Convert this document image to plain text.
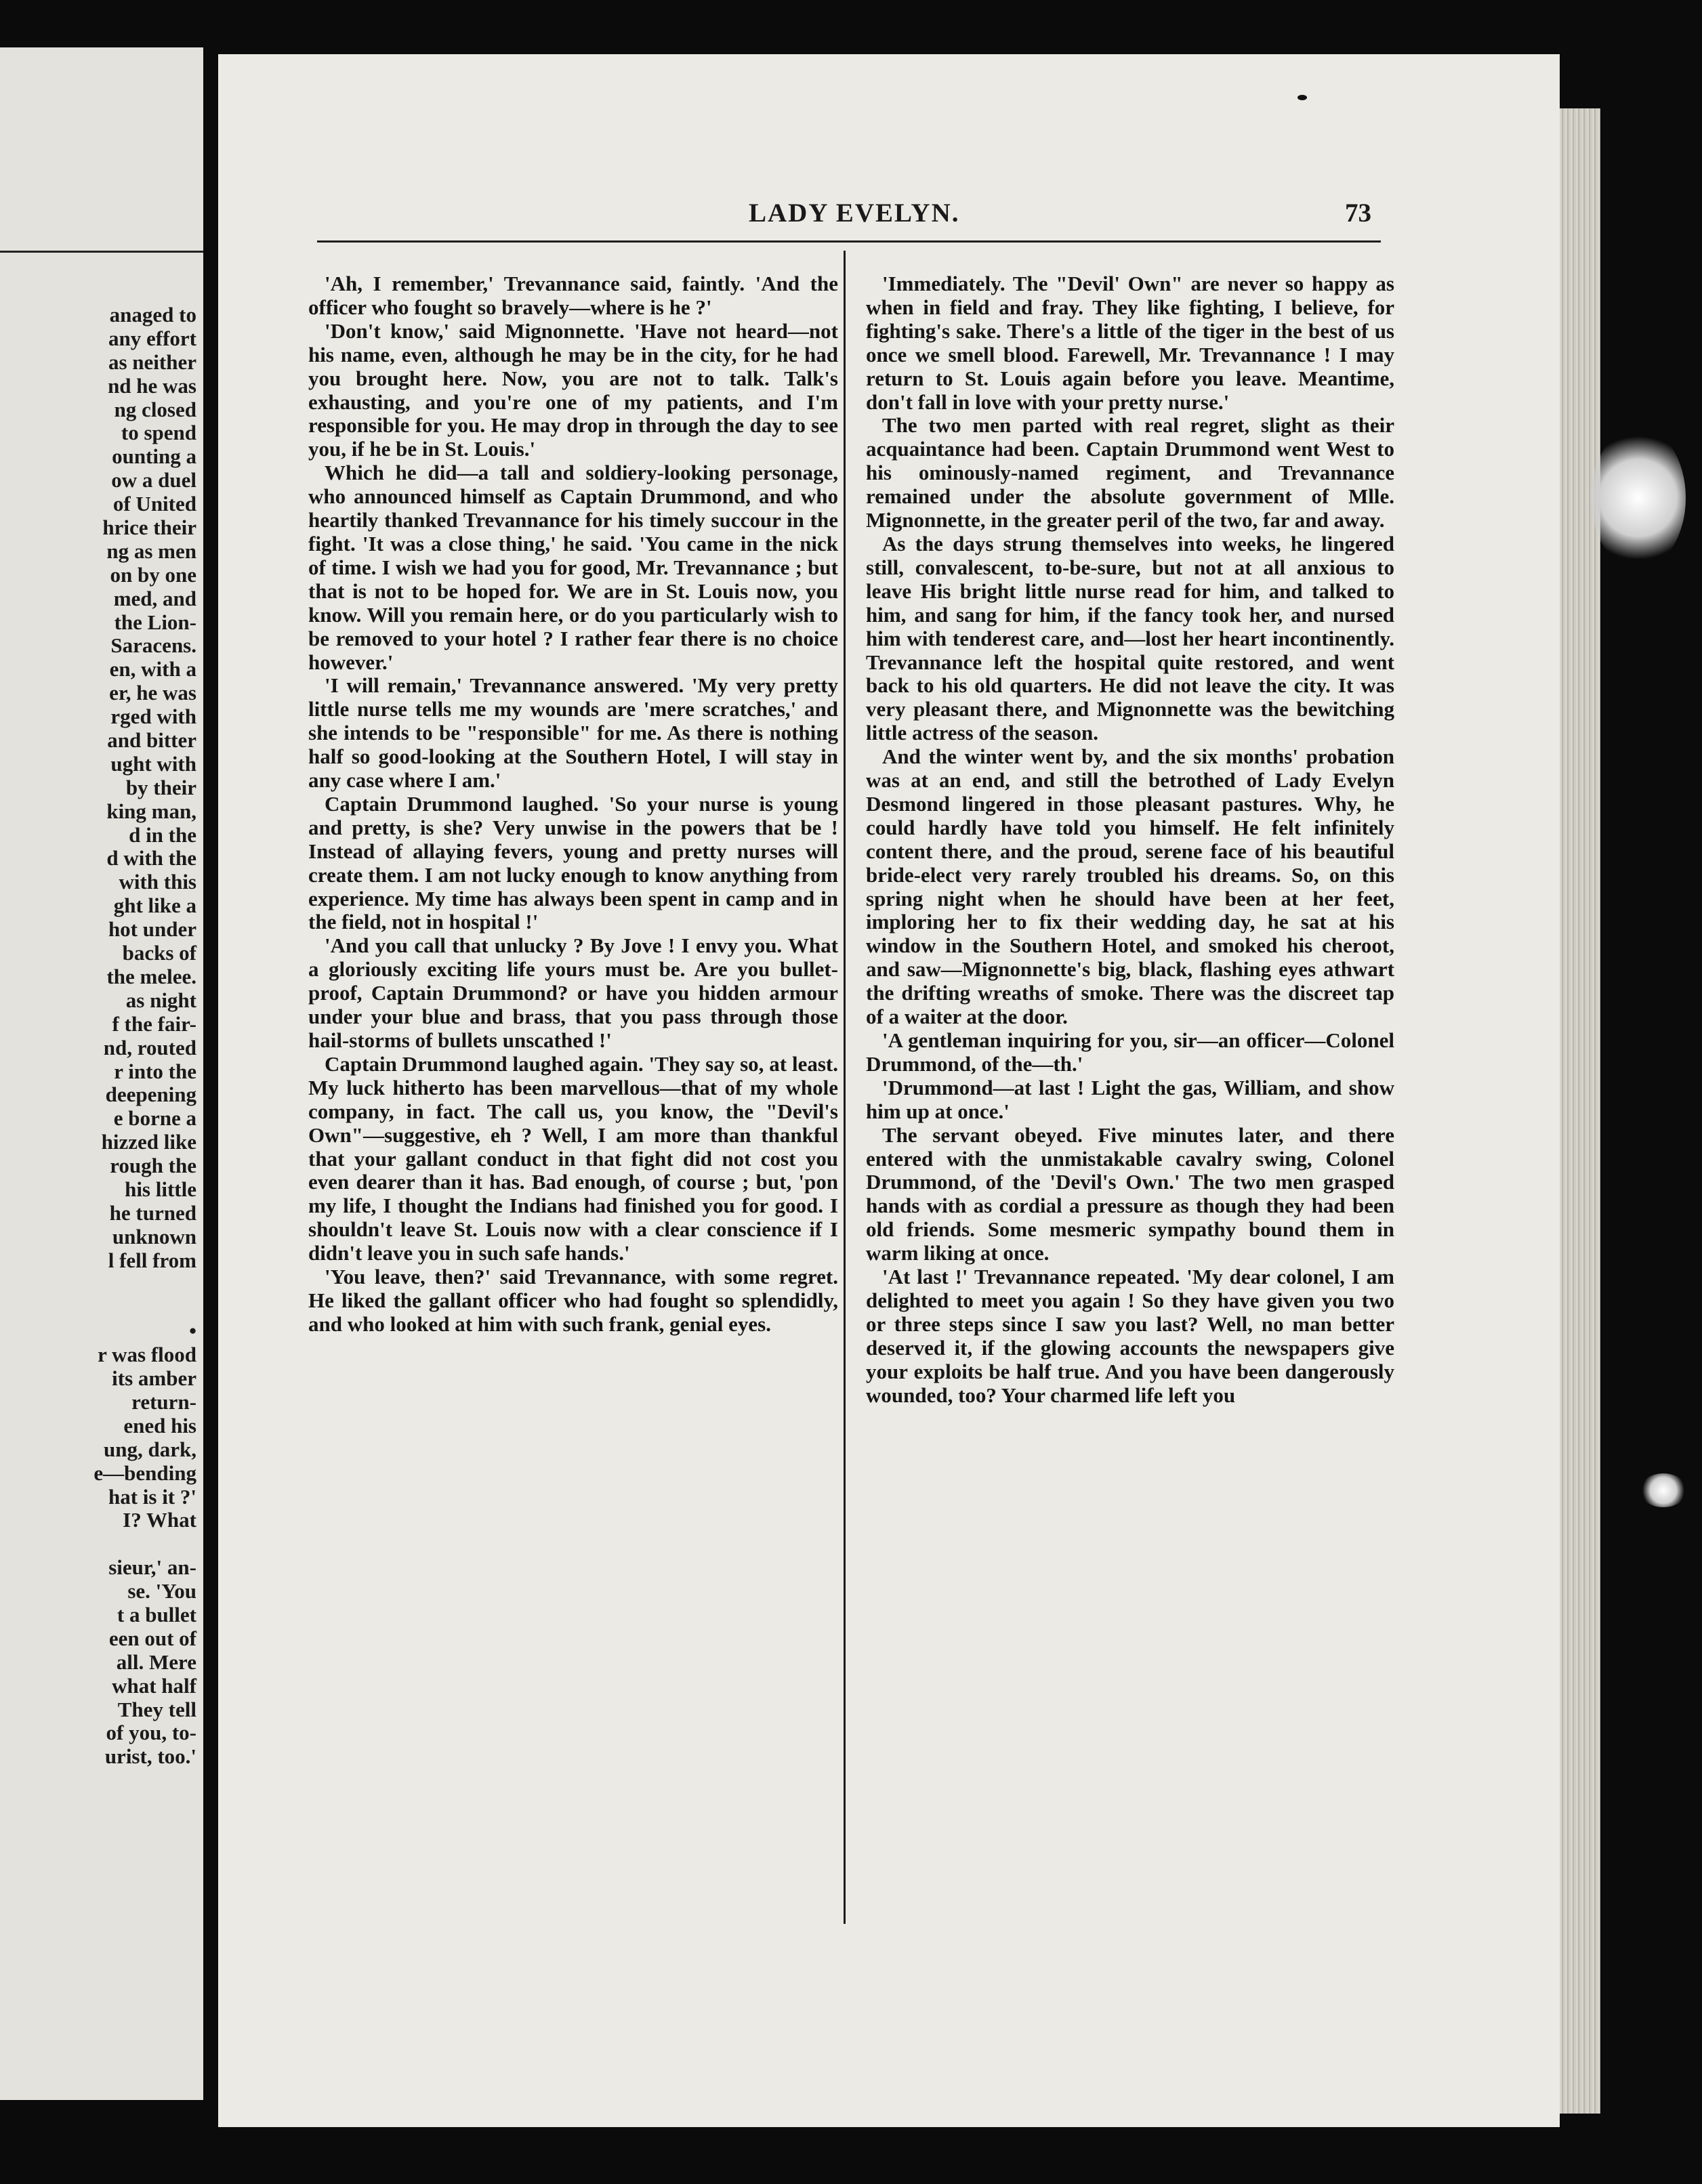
anaged to
any effort
as neither
nd he was
ng closed
to spend
ounting a
ow a duel
of United
hrice their
ng as men
on by one
med, and
the Lion-
Saracens.
en, with a
er, he was
rged with
and bitter
ught with
by their
king man,
d in the
d with the
with this
ght like a
hot under
backs of
the melee.
as night
f the fair-
nd, routed
r into the
deepening
e borne a
hizzed like
rough the
his little
he turned
unknown
l fell from
•
r was flood
its amber
return-
ened his
ung, dark,
e—bending
hat is it ?'
I? What
sieur,' an-
se. 'You
t a bullet
een out of
all. Mere
what half
They tell
of you, to-
urist, too.'
LADY EVELYN.	73

'Ah, I remember,' Trevannance said, faintly. 'And the officer who fought so bravely—where is he ?'

'Don't know,' said Mignonnette. 'Have not heard—not his name, even, although he may be in the city, for he had you brought here. Now, you are not to talk. Talk's exhausting, and you're one of my patients, and I'm responsible for you. He may drop in through the day to see you, if he be in St. Louis.'

Which he did—a tall and soldiery-looking personage, who announced himself as Captain Drummond, and who heartily thanked Trevannance for his timely succour in the fight. 'It was a close thing,' he said. 'You came in the nick of time. I wish we had you for good, Mr. Trevannance ; but that is not to be hoped for. We are in St. Louis now, you know. Will you remain here, or do you particularly wish to be removed to your hotel ? I rather fear there is no choice however.'

'I will remain,' Trevannance answered. 'My very pretty little nurse tells me my wounds are 'mere scratches,' and she intends to be "responsible" for me. As there is nothing half so good-looking at the Southern Hotel, I will stay in any case where I am.'

Captain Drummond laughed. 'So your nurse is young and pretty, is she? Very unwise in the powers that be ! Instead of allaying fevers, young and pretty nurses will create them. I am not lucky enough to know anything from experience. My time has always been spent in camp and in the field, not in hospital !'

'And you call that unlucky ? By Jove ! I envy you. What a gloriously exciting life yours must be. Are you bullet-proof, Captain Drummond? or have you hidden armour under your blue and brass, that you pass through those hail-storms of bullets unscathed !'

Captain Drummond laughed again. 'They say so, at least. My luck hitherto has been marvellous—that of my whole company, in fact. The call us, you know, the "Devil's Own"—suggestive, eh ? Well, I am more than thankful that your gallant conduct in that fight did not cost you even dearer than it has. Bad enough, of course ; but, 'pon my life, I thought the Indians had finished you for good. I shouldn't leave St. Louis now with a clear conscience if I didn't leave you in such safe hands.'

'You leave, then?' said Trevannance, with some regret. He liked the gallant officer who had fought so splendidly, and who looked at him with such frank, genial eyes.

'Immediately. The "Devil' Own" are never so happy as when in field and fray. They like fighting, I believe, for fighting's sake. There's a little of the tiger in the best of us once we smell blood. Farewell, Mr. Trevannance ! I may return to St. Louis again before you leave. Meantime, don't fall in love with your pretty nurse.'

The two men parted with real regret, slight as their acquaintance had been. Captain Drummond went West to his ominously-named regiment, and Trevannance remained under the absolute government of Mlle. Mignonnette, in the greater peril of the two, far and away.

As the days strung themselves into weeks, he lingered still, convalescent, to-be-sure, but not at all anxious to leave His bright little nurse read for him, and talked to him, and sang for him, if the fancy took her, and nursed him with tenderest care, and—lost her heart incontinently. Trevannance left the hospital quite restored, and went back to his old quarters. He did not leave the city. It was very pleasant there, and Mignonnette was the bewitching little actress of the season.

And the winter went by, and the six months' probation was at an end, and still the betrothed of Lady Evelyn Desmond lingered in those pleasant pastures. Why, he could hardly have told you himself. He felt infinitely content there, and the proud, serene face of his beautiful bride-elect very rarely troubled his dreams. So, on this spring night when he should have been at her feet, imploring her to fix their wedding day, he sat at his window in the Southern Hotel, and smoked his cheroot, and saw—Mignonnette's big, black, flashing eyes athwart the drifting wreaths of smoke. There was the discreet tap of a waiter at the door.

'A gentleman inquiring for you, sir—an officer—Colonel Drummond, of the—th.'

'Drummond—at last ! Light the gas, William, and show him up at once.'

The servant obeyed. Five minutes later, and there entered with the unmistakable cavalry swing, Colonel Drummond, of the 'Devil's Own.' The two men grasped hands with as cordial a pressure as though they had been old friends. Some mesmeric sympathy bound them in warm liking at once.

'At last !' Trevannance repeated. 'My dear colonel, I am delighted to meet you again ! So they have given you two or three steps since I saw you last? Well, no man better deserved it, if the glowing accounts the newspapers give your exploits be half true. And you have been dangerously wounded, too? Your charmed life left you
